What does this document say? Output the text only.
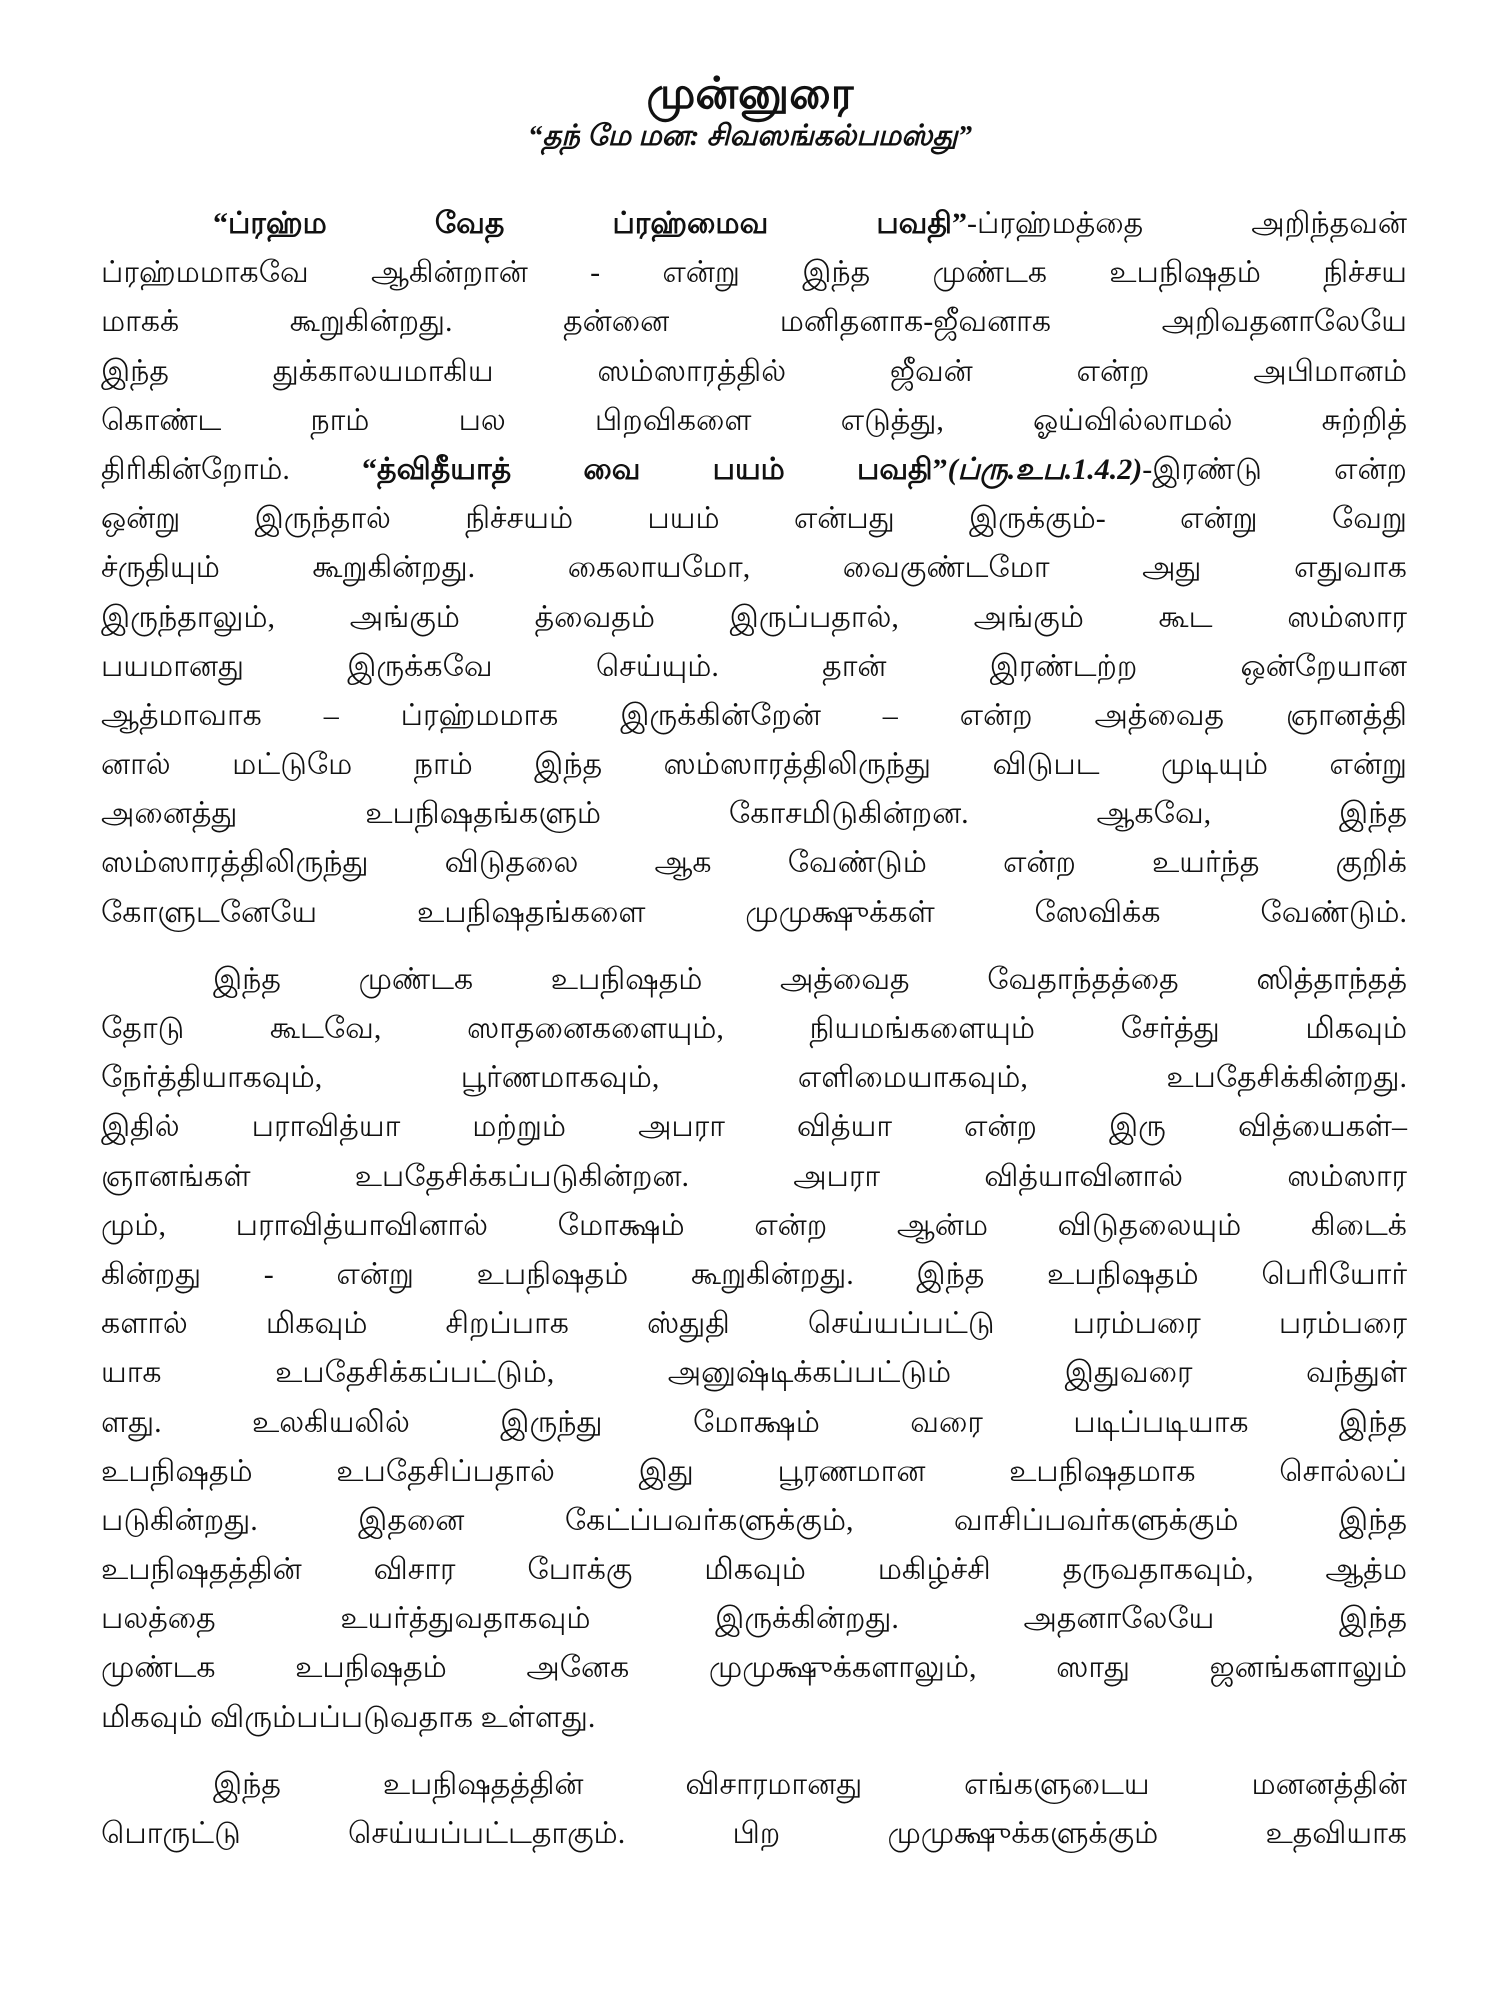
முன்னுரை
“தந் மே மன: சிவஸங்கல்பமஸ்து”
“ப்ரஹ்ம வேத ப்ரஹ்மைவ பவதி”-ப்ரஹ்மத்தை அறிந்தவன்
ப்ரஹ்மமாகவே ஆகின்றான் - என்று இந்த முண்டக உபநிஷதம் நிச்சய
மாகக் கூறுகின்றது. தன்னை மனிதனாக-ஜீவனாக அறிவதனாலேயே
இந்த துக்காலயமாகிய ஸம்ஸாரத்தில் ஜீவன் என்ற அபிமானம்
கொண்ட நாம் பல பிறவிகளை எடுத்து, ஓய்வில்லாமல் சுற்றித்
திரிகின்றோம். “த்விதீயாத் வை பயம் பவதி”(ப்ரு.உப.1.4.2)-இரண்டு என்ற
ஒன்று இருந்தால் நிச்சயம் பயம் என்பது இருக்கும்- என்று வேறு
ச்ருதியும் கூறுகின்றது. கைலாயமோ, வைகுண்டமோ அது எதுவாக
இருந்தாலும், அங்கும் த்வைதம் இருப்பதால், அங்கும் கூட ஸம்ஸார
பயமானது இருக்கவே செய்யும். தான் இரண்டற்ற ஒன்றேயான
ஆத்மாவாக – ப்ரஹ்மமாக இருக்கின்றேன் – என்ற அத்வைத ஞானத்தி
னால் மட்டுமே நாம் இந்த ஸம்ஸாரத்திலிருந்து விடுபட முடியும் என்று
அனைத்து உபநிஷதங்களும் கோசமிடுகின்றன. ஆகவே, இந்த
ஸம்ஸாரத்திலிருந்து விடுதலை ஆக வேண்டும் என்ற உயர்ந்த குறிக்
கோளுடனேயே உபநிஷதங்களை முமுக்ஷுக்கள் ஸேவிக்க வேண்டும்.
இந்த முண்டக உபநிஷதம் அத்வைத வேதாந்தத்தை ஸித்தாந்தத்
தோடு கூடவே, ஸாதனைகளையும், நியமங்களையும் சேர்த்து மிகவும்
நேர்த்தியாகவும், பூர்ணமாகவும், எளிமையாகவும், உபதேசிக்கின்றது.
இதில் பராவித்யா மற்றும் அபரா வித்யா என்ற இரு வித்யைகள்–
ஞானங்கள் உபதேசிக்கப்படுகின்றன. அபரா வித்யாவினால் ஸம்ஸார
மும், பராவித்யாவினால் மோக்ஷம் என்ற ஆன்ம விடுதலையும் கிடைக்
கின்றது - என்று உபநிஷதம் கூறுகின்றது. இந்த உபநிஷதம் பெரியோர்
களால் மிகவும் சிறப்பாக ஸ்துதி செய்யப்பட்டு பரம்பரை பரம்பரை
யாக உபதேசிக்கப்பட்டும், அனுஷ்டிக்கப்பட்டும் இதுவரை வந்துள்
ளது. உலகியலில் இருந்து மோக்ஷம் வரை படிப்படியாக இந்த
உபநிஷதம் உபதேசிப்பதால் இது பூரணமான உபநிஷதமாக சொல்லப்
படுகின்றது. இதனை கேட்ப்பவர்களுக்கும், வாசிப்பவர்களுக்கும் இந்த
உபநிஷதத்தின் விசார போக்கு மிகவும் மகிழ்ச்சி தருவதாகவும், ஆத்ம
பலத்தை உயர்த்துவதாகவும் இருக்கின்றது. அதனாலேயே இந்த
முண்டக உபநிஷதம் அனேக முமுக்ஷுக்களாலும், ஸாது ஜனங்களாலும்
மிகவும் விரும்பப்படுவதாக உள்ளது.
இந்த உபநிஷதத்தின் விசாரமானது எங்களுடைய மனனத்தின்
பொருட்டு செய்யப்பட்டதாகும். பிற முமுக்ஷுக்களுக்கும் உதவியாக
